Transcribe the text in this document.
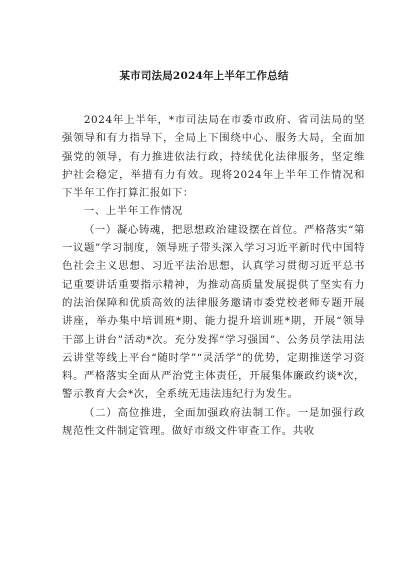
某市司法局2024年上半年工作总结

2024年上半年，*市司法局在市委市政府、省司法局的坚强领导和有力指导下，全局上下围绕中心、服务大局，全面加强党的领导，有力推进依法行政，持续优化法律服务，坚定维护社会稳定，举措有力有效。现将2024年上半年工作情况和下半年工作打算汇报如下：

一、上半年工作情况

（一）凝心铸魂，把思想政治建设摆在首位。严格落实“第一议题”学习制度，领导班子带头深入学习习近平新时代中国特色社会主义思想、习近平法治思想，认真学习贯彻习近平总书记重要讲话重要指示精神，为推动高质量发展提供了坚实有力的法治保障和优质高效的法律服务邀请市委党校老师专题开展讲座，举办集中培训班*期、能力提升培训班*期，开展“领导干部上讲台”活动*次。充分发挥“学习强国”、公务员学法用法云讲堂等线上平台“随时学”“灵活学”的优势，定期推送学习资料。严格落实全面从严治党主体责任，开展集体廉政约谈*次，警示教育大会*次，全系统无违法违纪行为发生。

（二）高位推进，全面加强政府法制工作。一是加强行政规范性文件制定管理。做好市级文件审查工作。共收
